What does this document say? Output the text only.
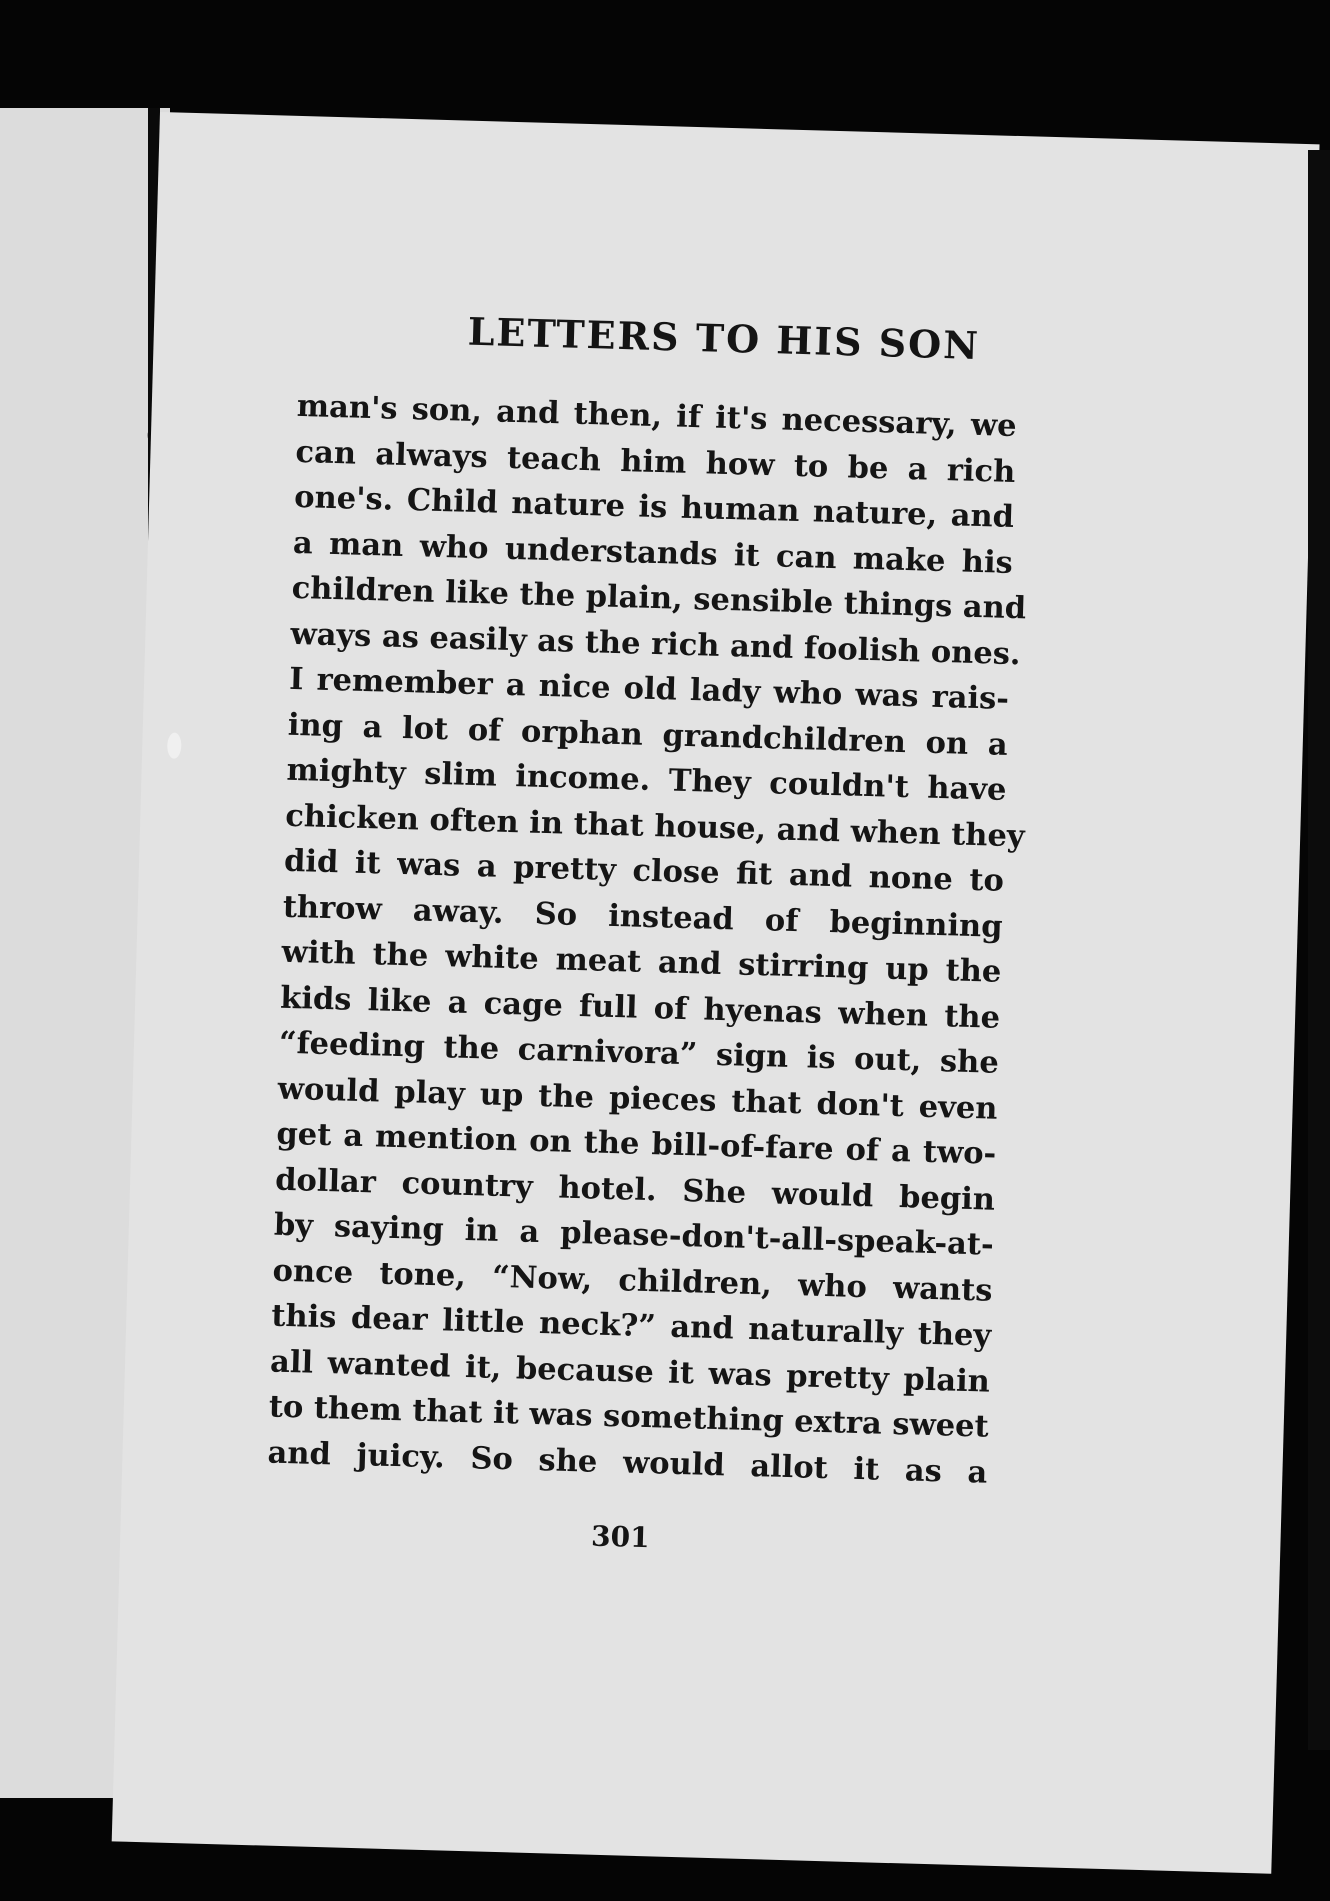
LETTERS TO HIS SON
man's son, and then, if it's necessary, we
can always teach him how to be a rich
one's. Child nature is human nature, and
a man who understands it can make his
children like the plain, sensible things and
ways as easily as the rich and foolish ones.
I remember a nice old lady who was rais-
ing a lot of orphan grandchildren on a
mighty slim income. They couldn't have
chicken often in that house, and when they
did it was a pretty close fit and none to
throw away. So instead of beginning
with the white meat and stirring up the
kids like a cage full of hyenas when the
“feeding the carnivora” sign is out, she
would play up the pieces that don't even
get a mention on the bill-of-fare of a two-
dollar country hotel. She would begin
by saying in a please-don't-all-speak-at-
once tone, “Now, children, who wants
this dear little neck?” and naturally they
all wanted it, because it was pretty plain
to them that it was something extra sweet
and juicy. So she would allot it as a
301
